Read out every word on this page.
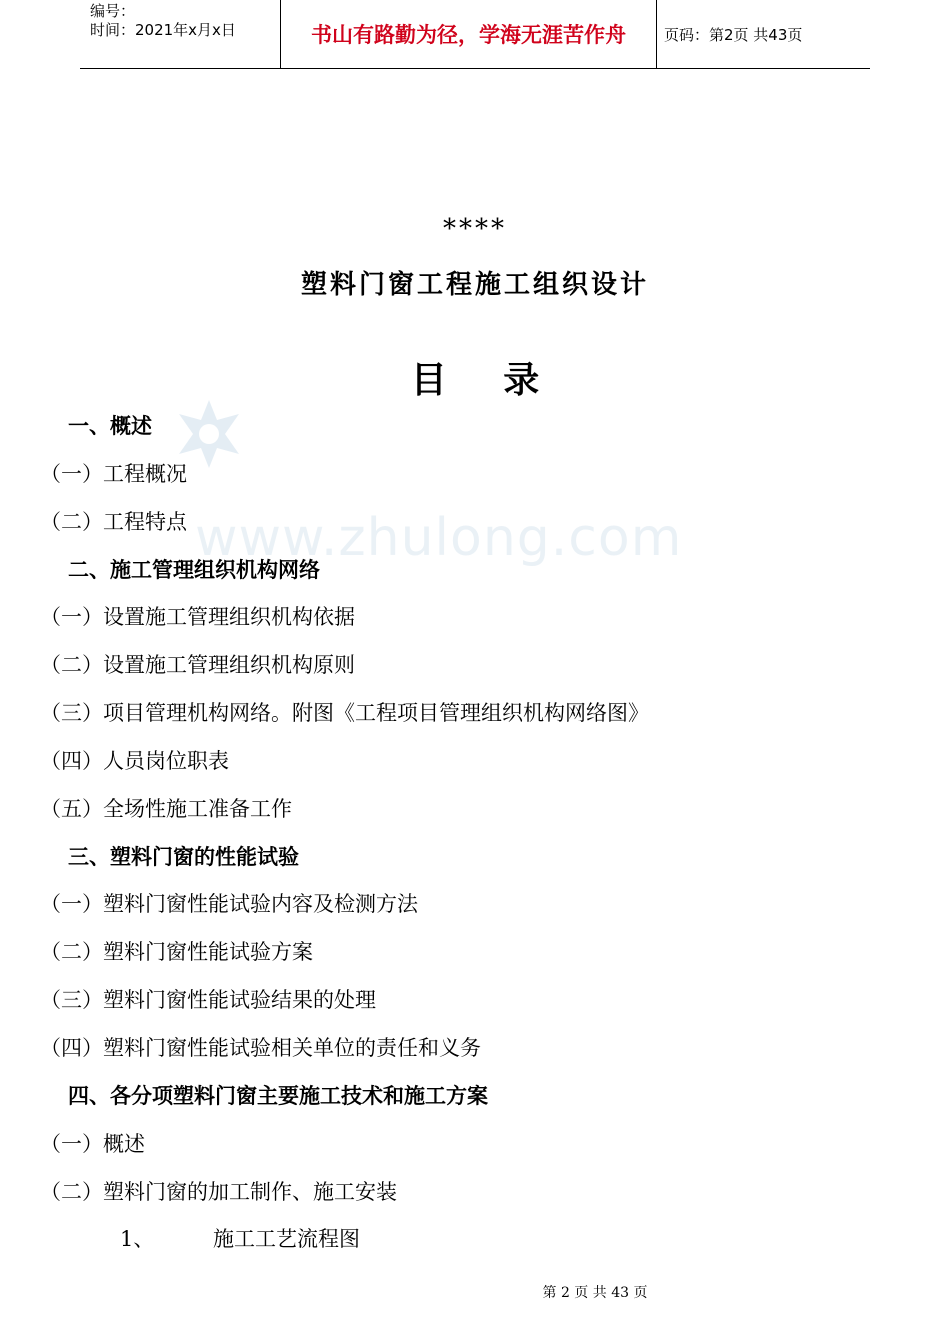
编号：
时间：2021年x月x日	书山有路勤为径，学海无涯苦作舟	页码：第2页 共43页
www.zhulong.com
****
塑料门窗工程施工组织设计
目 录
一、概述
（一）工程概况
（二）工程特点
二、施工管理组织机构网络
（一）设置施工管理组织机构依据
（二）设置施工管理组织机构原则
（三）项目管理机构网络。附图《工程项目管理组织机构网络图》
（四）人员岗位职表
（五）全场性施工准备工作
三、塑料门窗的性能试验
（一）塑料门窗性能试验内容及检测方法
（二）塑料门窗性能试验方案
（三）塑料门窗性能试验结果的处理
（四）塑料门窗性能试验相关单位的责任和义务
四、各分项塑料门窗主要施工技术和施工方案
（一）概述
（二）塑料门窗的加工制作、施工安装
1、	施工工艺流程图
第 2 页 共 43 页
